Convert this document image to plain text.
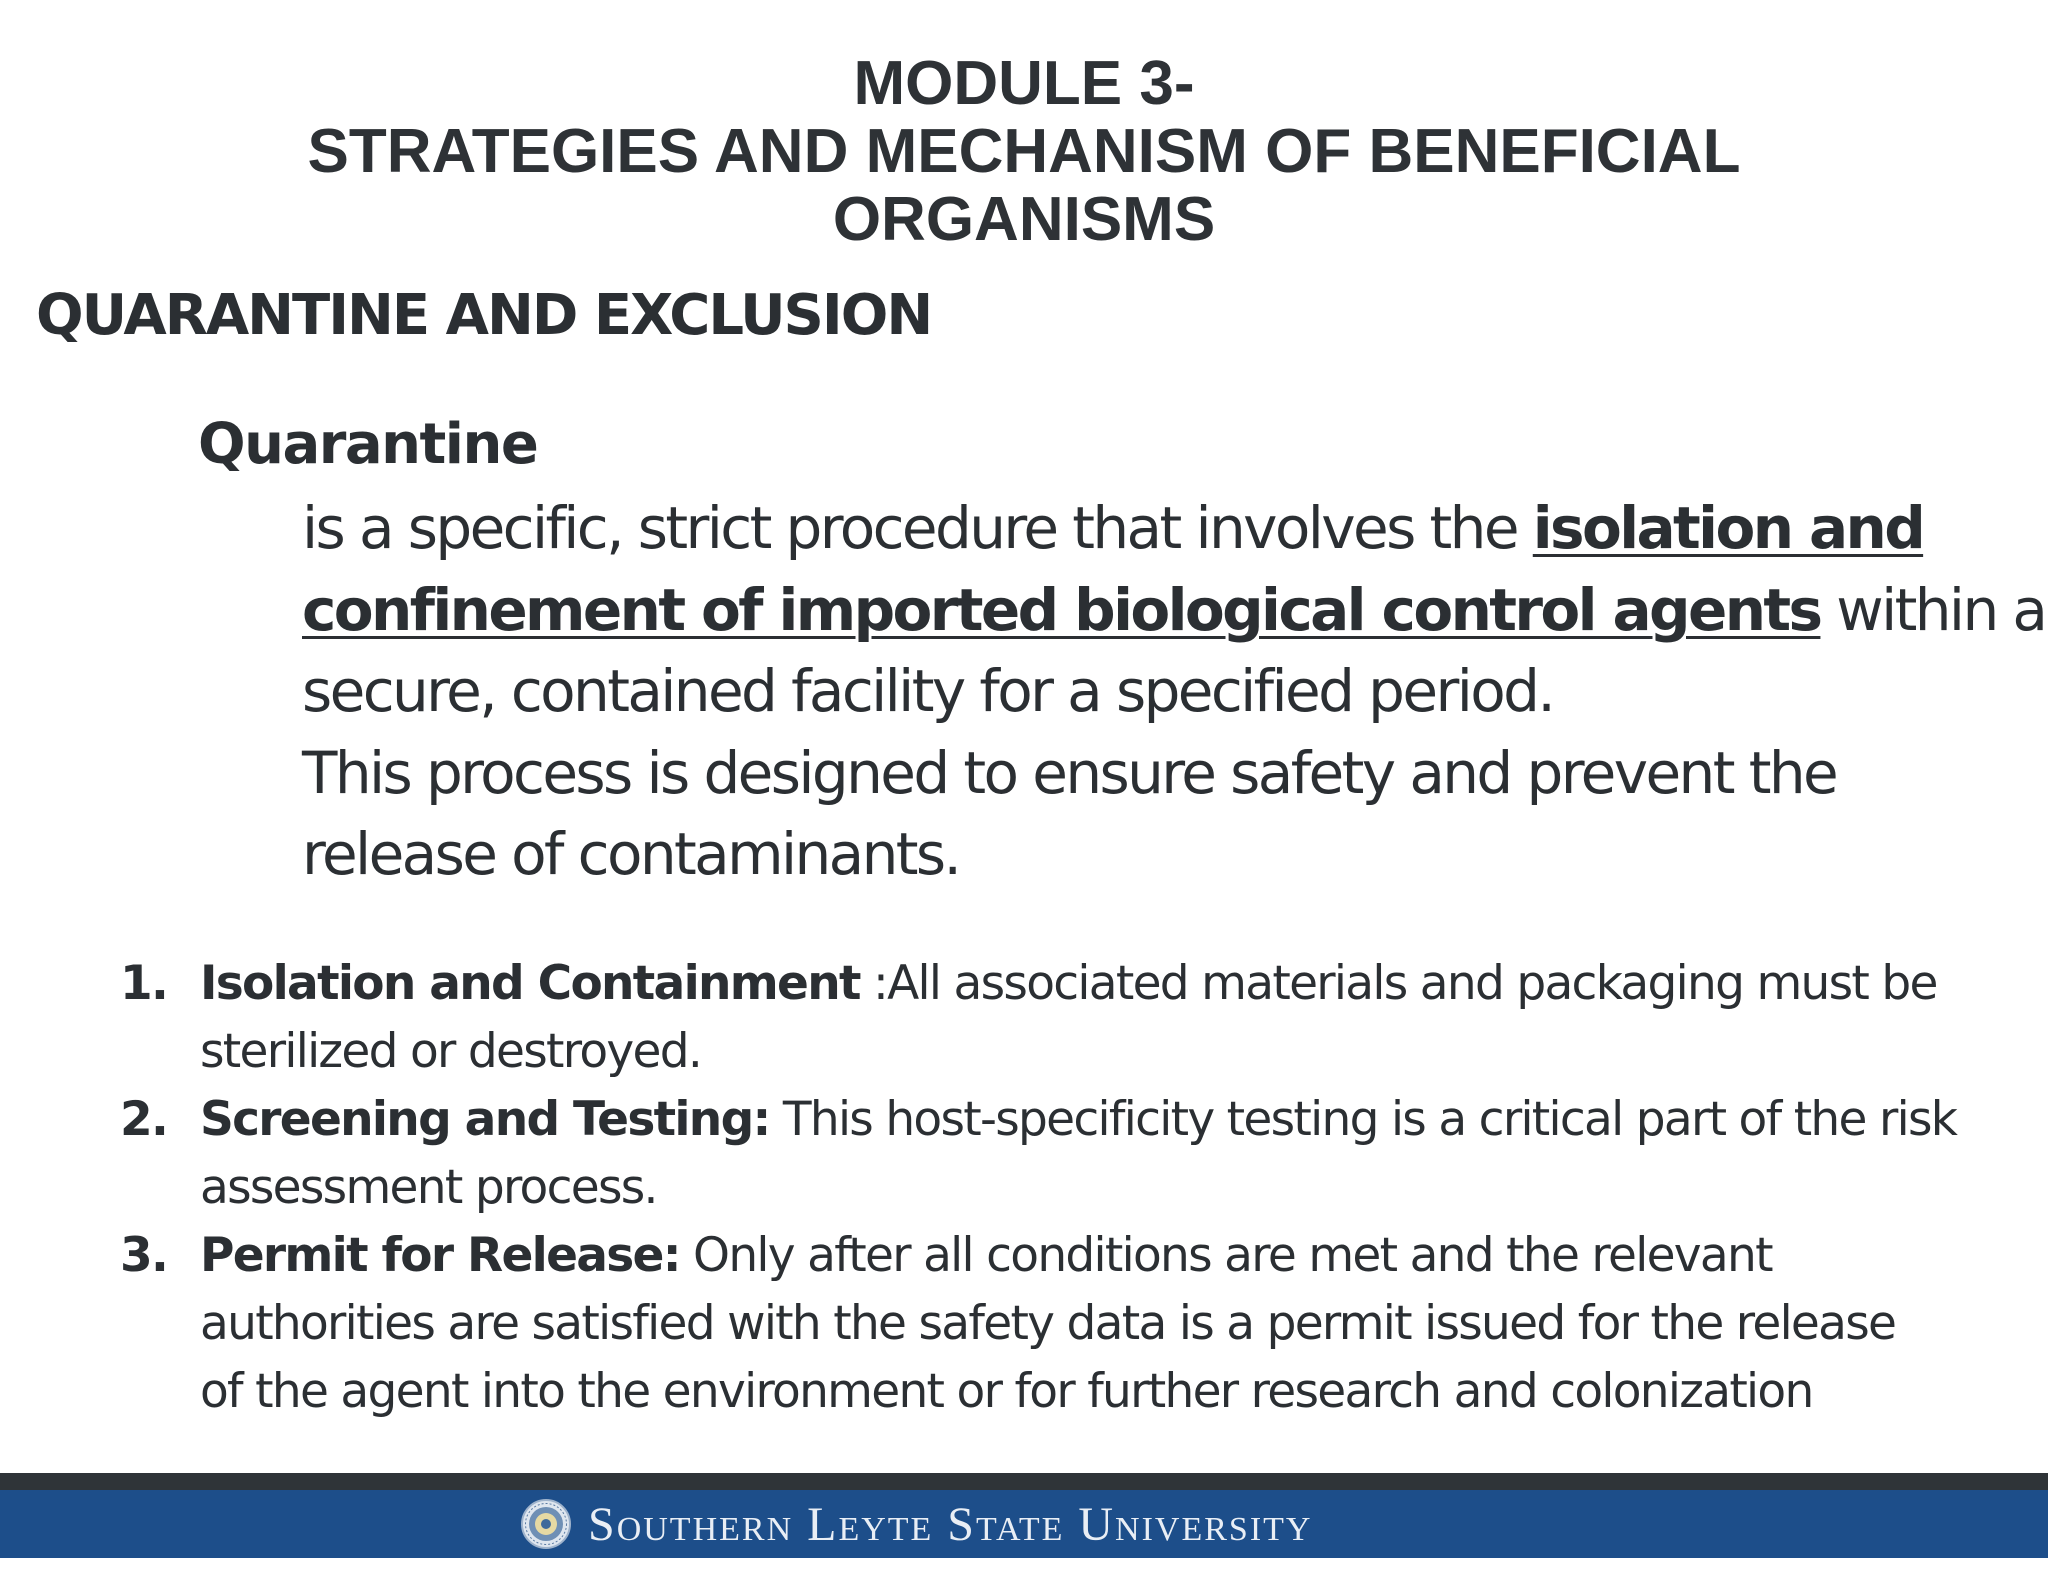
MODULE 3-
STRATEGIES AND MECHANISM OF BENEFICIAL
ORGANISMS
QUARANTINE AND EXCLUSION
Quarantine
is a specific, strict procedure that involves the isolation and
confinement of imported biological control agents within a
secure, contained facility for a specified period.
This process is designed to ensure safety and prevent the
release of contaminants.
1. Isolation and Containment :All associated materials and packaging must be
sterilized or destroyed.
2. Screening and Testing: This host-specificity testing is a critical part of the risk
assessment process.
3. Permit for Release: Only after all conditions are met and the relevant
authorities are satisfied with the safety data is a permit issued for the release
of the agent into the environment or for further research and colonization
Southern Leyte State University
